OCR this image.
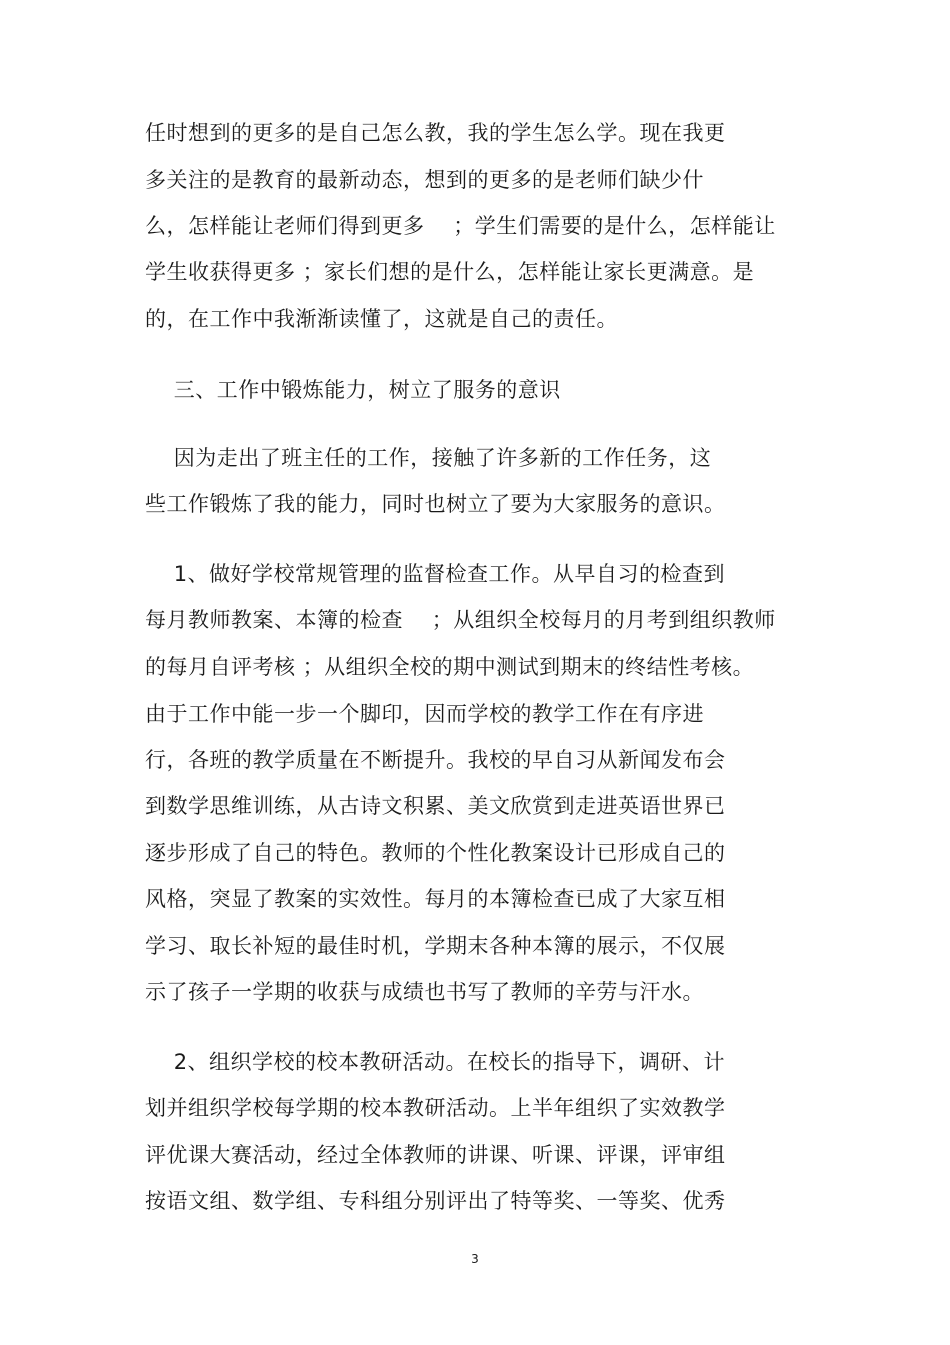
任时想到的更多的是自己怎么教，我的学生怎么学。现在我更
多关注的是教育的最新动态，想到的更多的是老师们缺少什
么，怎样能让老师们得到更多    ；学生们需要的是什么，怎样能让
学生收获得更多 ；家长们想的是什么，怎样能让家长更满意。是
的，在工作中我渐渐读懂了，这就是自己的责任。
三、工作中锻炼能力，树立了服务的意识
因为走出了班主任的工作，接触了许多新的工作任务，这
些工作锻炼了我的能力，同时也树立了要为大家服务的意识。
1、做好学校常规管理的监督检查工作。从早自习的检查到
每月教师教案、本簿的检查    ；从组织全校每月的月考到组织教师
的每月自评考核 ；从组织全校的期中测试到期末的终结性考核。
由于工作中能一步一个脚印，因而学校的教学工作在有序进
行，各班的教学质量在不断提升。我校的早自习从新闻发布会
到数学思维训练，从古诗文积累、美文欣赏到走进英语世界已
逐步形成了自己的特色。教师的个性化教案设计已形成自己的
风格，突显了教案的实效性。每月的本簿检查已成了大家互相
学习、取长补短的最佳时机，学期末各种本簿的展示，不仅展
示了孩子一学期的收获与成绩也书写了教师的辛劳与汗水。
2、组织学校的校本教研活动。在校长的指导下，调研、计
划并组织学校每学期的校本教研活动。上半年组织了实效教学
评优课大赛活动，经过全体教师的讲课、听课、评课，评审组
按语文组、数学组、专科组分别评出了特等奖、一等奖、优秀
3
